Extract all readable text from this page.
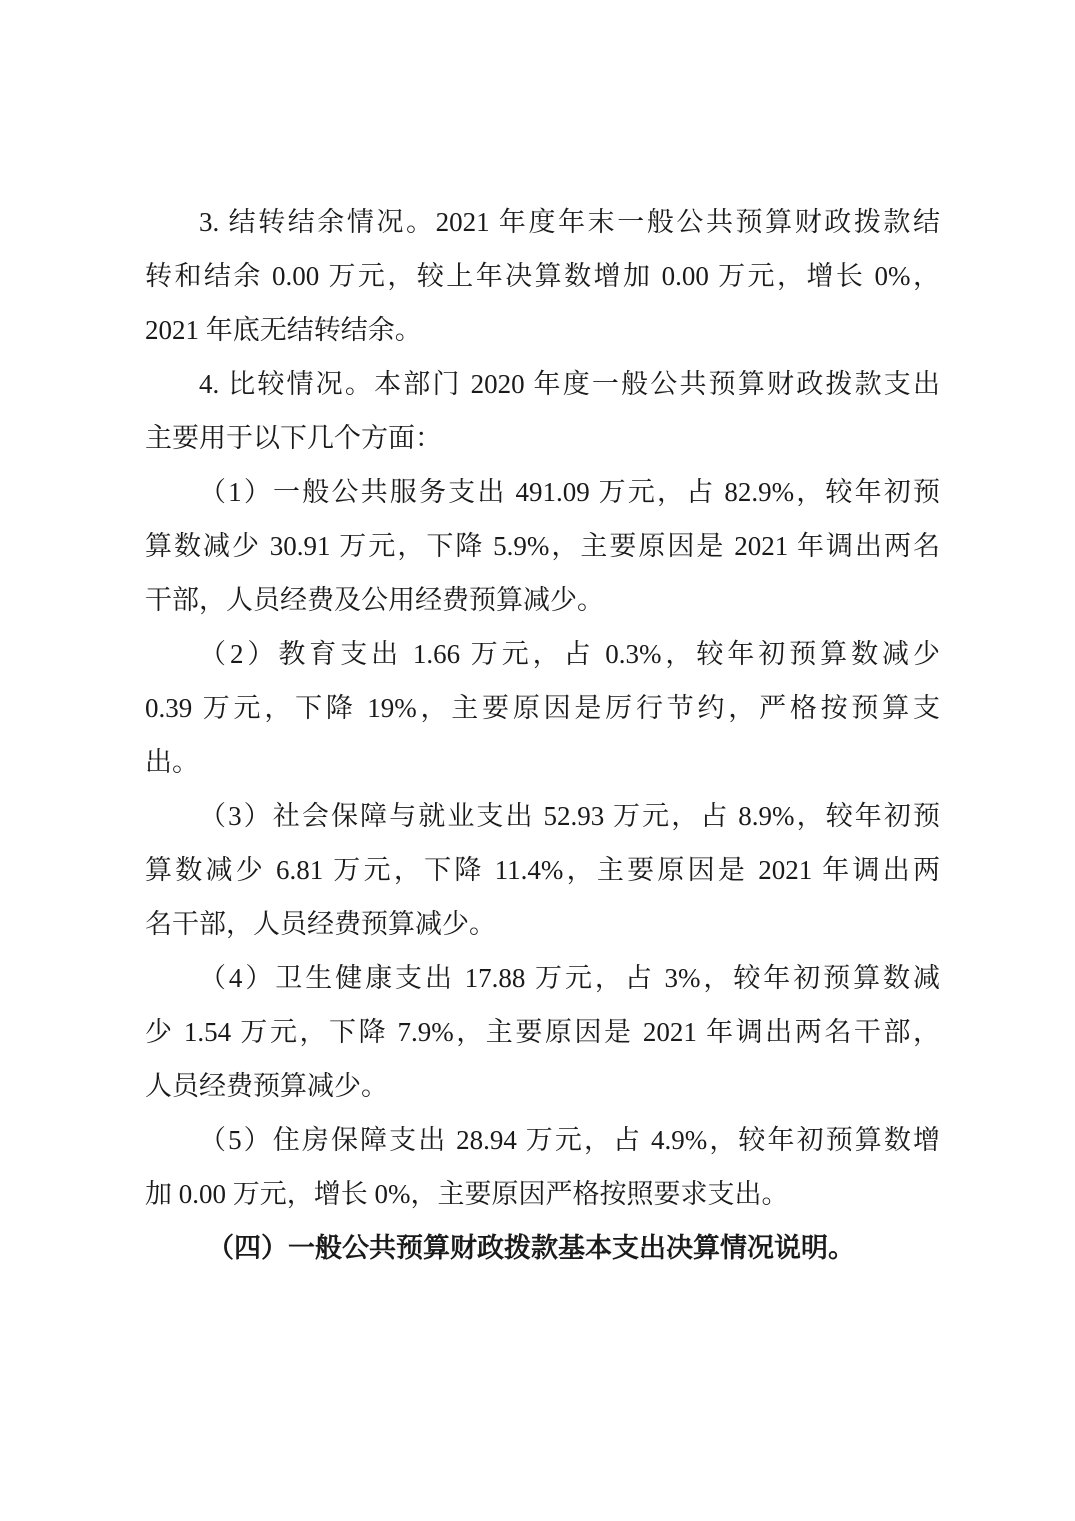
3. 结转结余情况。2021 年度年末一般公共预算财政拨款结
转和结余 0.00 万元，较上年决算数增加 0.00 万元，增长 0%，
2021 年底无结转结余。
4. 比较情况。本部门 2020 年度一般公共预算财政拨款支出
主要用于以下几个方面：
（1）一般公共服务支出 491.09 万元，占 82.9%，较年初预
算数减少 30.91 万元，下降 5.9%，主要原因是 2021 年调出两名
干部，人员经费及公用经费预算减少。
（2）教育支出 1.66 万元，占 0.3%，较年初预算数减少
0.39 万元，下降 19%，主要原因是厉行节约，严格按预算支
出。
（3）社会保障与就业支出 52.93 万元，占 8.9%，较年初预
算数减少 6.81 万元，下降 11.4%，主要原因是 2021 年调出两
名干部，人员经费预算减少。
（4）卫生健康支出 17.88 万元，占 3%，较年初预算数减
少 1.54 万元，下降 7.9%，主要原因是 2021 年调出两名干部，
人员经费预算减少。
（5）住房保障支出 28.94 万元，占 4.9%，较年初预算数增
加 0.00 万元，增长 0%，主要原因严格按照要求支出。
（四）一般公共预算财政拨款基本支出决算情况说明。
